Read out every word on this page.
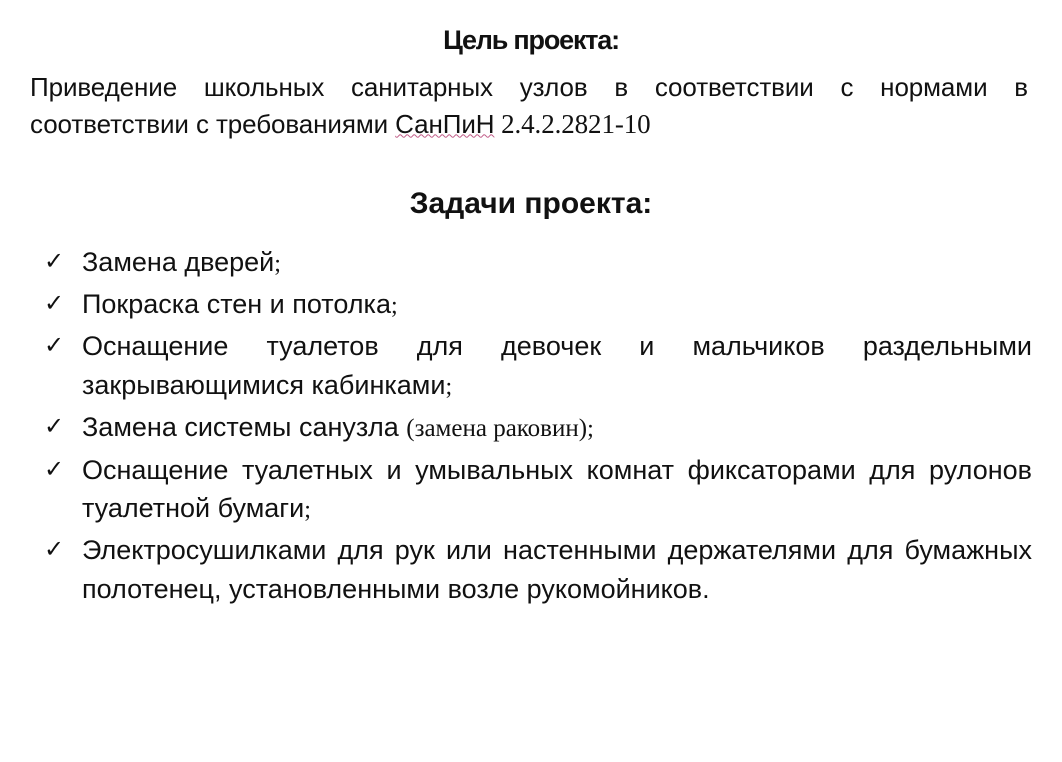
Цель проекта:

Приведение школьных санитарных узлов в соответствии с нормами в соответствии с требованиями СанПиН 2.4.2.2821-10

Задачи проекта:
✓ Замена дверей;
✓ Покраска стен и потолка;
✓ Оснащение туалетов для девочек и мальчиков раздельными закрывающимися кабинками;
✓ Замена системы санузла (замена раковин);
✓ Оснащение туалетных и умывальных комнат фиксаторами для рулонов туалетной бумаги;
✓ Электросушилками для рук или настенными держателями для бумажных полотенец, установленными возле рукомойников.
